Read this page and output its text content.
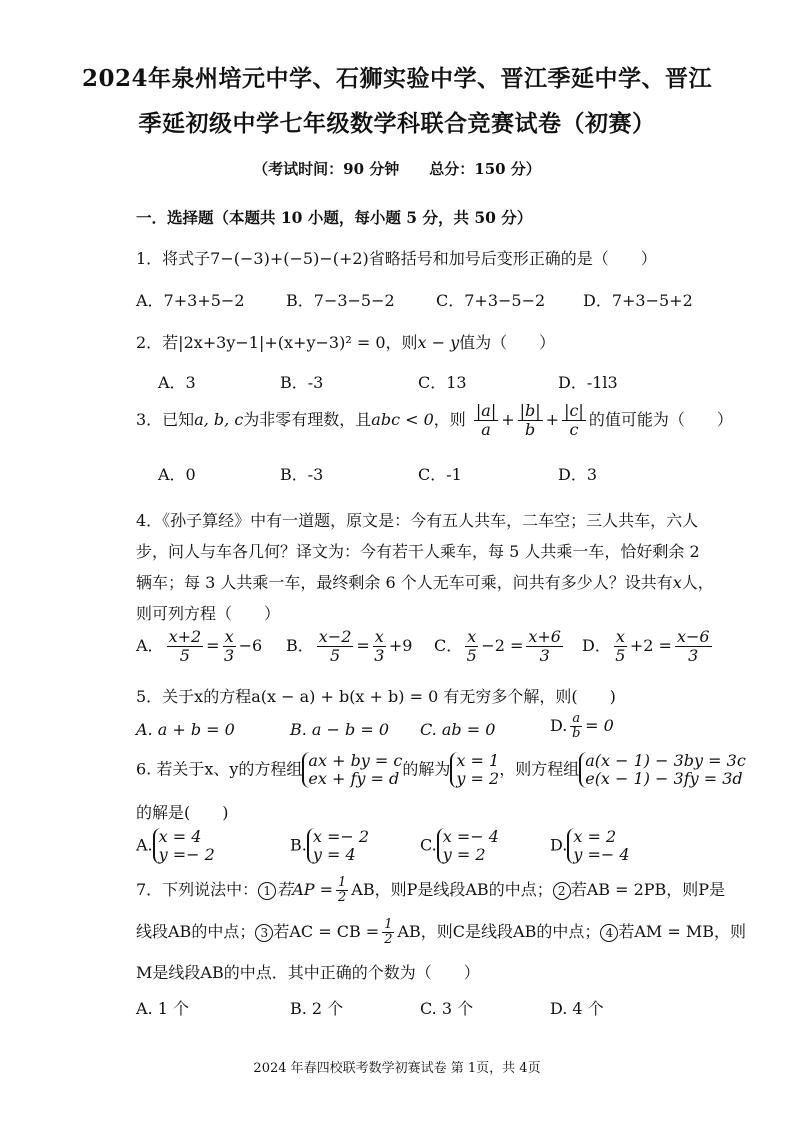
2024年泉州培元中学、石狮实验中学、晋江季延中学、晋江
季延初级中学七年级数学科联合竞赛试卷（初赛）
（考试时间：90 分钟　　总分：150 分）
一．选择题（本题共 10 小题，每小题 5 分，共 50 分）
1．将式子7−(−3)+(−5)−(+2)省略括号和加号后变形正确的是（　　）
A．7+3+5−2	B．7−3−5−2	C．7+3−5−2 D．7+3−5+2
2．若|2x+3y−1|+(x+y−3)² = 0，则x − y值为（　　）
A．3	B．-3	C．13	D．-1l3
3．已知a, b, c为非零有理数，且abc < 0，则 $\frac{|a|}{a} + \frac{|b|}{b} + \frac{|c|}{c}$ 的值可能为（　　）
A．0	B．-3	C．-1	D．3
4．《孙子算经》中有一道题，原文是：今有五人共车，二车空；三人共车，六人
步，问人与车各几何？译文为：今有若干人乘车，每 5 人共乘一车，恰好剩余 2
辆车；每 3 人共乘一车，最终剩余 6 个人无车可乘，问共有多少人？设共有x人，
则可列方程（　　）
A． $\frac{x+2}{5} = \frac{x}{3} -6$ B． $\frac{x-2}{5} = \frac{x}{3} +9$ C． $\frac{x}{5} -2 = \frac{x+6}{3}$ D． $\frac{x}{5} +2 = \frac{x-6}{3}$
5．关于x的方程a(x − a) + b(x + b) = 0 有无穷多个解，则(　　)
A. a + b = 0	B. a − b = 0 C. ab = 0	D. $\frac{a}{b} = 0$
6. 若关于x、y的方程组 ax + by = c
ex + fy = d 的解为 x = 1
y = 2 ，则方程组 a(x − 1) − 3by = 3c
e(x − 1) − 3fy = 3d
的解是(　　)
A. x = 4
y =− 2	B. x =− 2
y = 4	C. x =− 4
y = 2	D. x = 2
y =− 4
7．下列说法中： 1 若AP = $\frac{1}{2}$ AB，则P是线段AB的中点； 2 若AB = 2PB，则P是
线段AB的中点； 3 若AC = CB = $\frac{1}{2}$ AB，则C是线段AB的中点； 4 若AM = MB，则
M是线段AB的中点．其中正确的个数为（　　）
A. 1 个	B. 2 个	C. 3 个	D. 4 个
2024 年春四校联考数学初赛试卷 第 1页，共 4页
